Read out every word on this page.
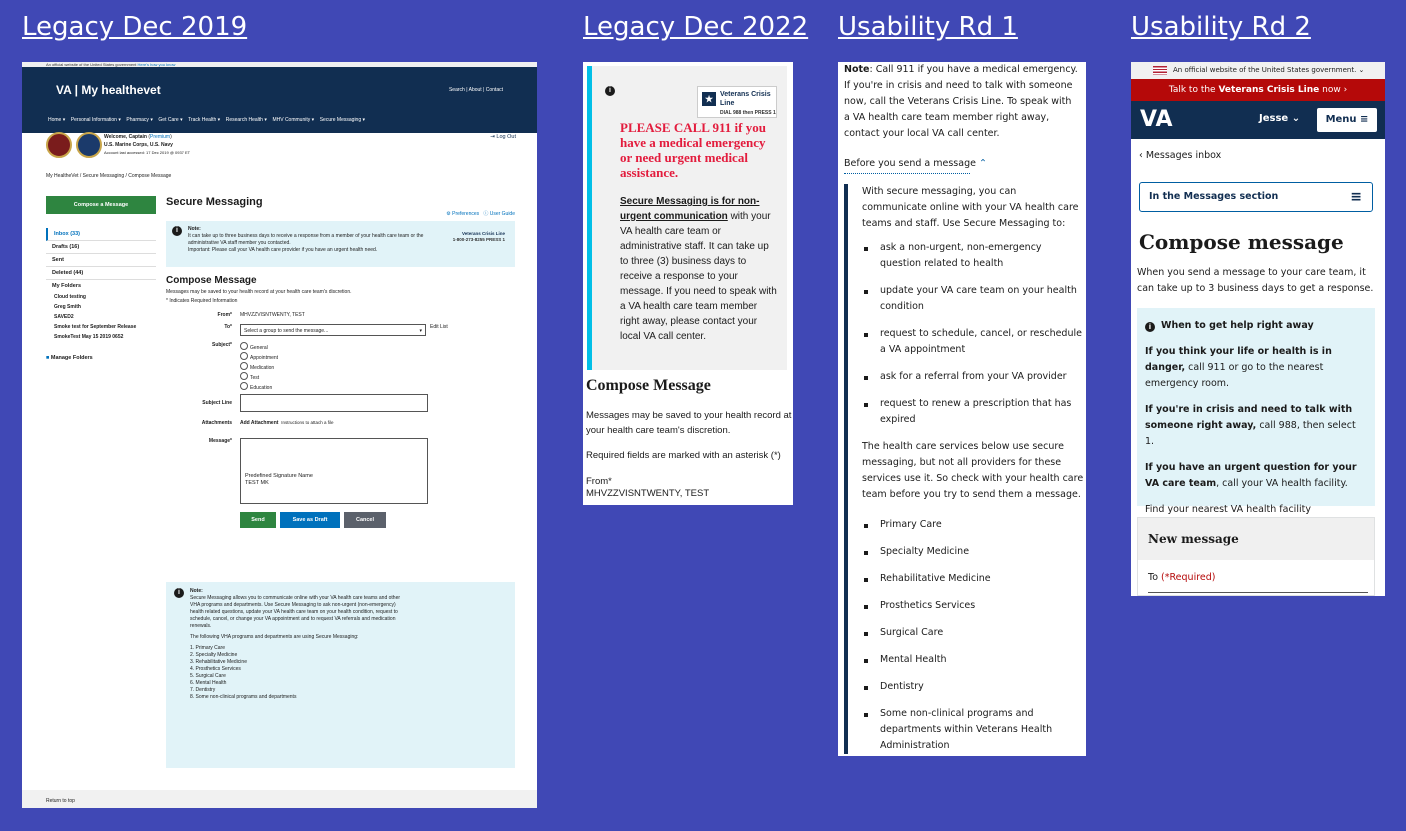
Legacy Dec 2019	Legacy Dec 2022 Usability Rd 1	Usability Rd 2
An official website of the United States government Here's how you know
VA | My healthevet	Search | About | Contact
Home ▾    Personal Information ▾    Pharmacy ▾    Get Care ▾    Track Health ▾    Research Health ▾    MHV Community ▾    Secure Messaging ▾
Welcome, Captain (Premium)
U.S. Marine Corps, U.S. Navy
Account last accessed: 17 Dec 2019 @ 0937 ET
⇥ Log Out
My HealtheVet / Secure Messaging / Compose Message
Compose a Message
Inbox (33)
Drafts (16)
Sent
Deleted (44)
My Folders
Cloud testing
Greg Smith
SAVED2
Smoke test for September Release
SmokeTest May 15 2019 0652
■ Manage Folders
Secure Messaging
⚙ Preferences ⓘ User Guide
i	Note:
It can take up to three business days to receive a response from a member of your health care team or the administrative VA staff member you contacted.
Important: Please call your VA health care provider if you have an urgent health need.
Veterans Crisis Line
1-800-273-8255 PRESS 1
Compose Message
Messages may be saved to your health record at your health care team's discretion.
* Indicates Required Information
From* MHVZZVISNTWENTY, TEST
To*
Select a group to send the message...	▾
Edit List
Subject*	General
Appointment
Medication
Test
Education
Subject Line
Attachments Add Attachment Instructions to attach a file
Message*
Predefined Signature Name
TEST MK
Send	Save as Draft	Cancel
i	Note:

Secure Messaging allows you to communicate online with your VA health care teams and other VHA programs and departments. Use Secure Messaging to ask non-urgent (non-emergency) health related questions, update your VA health care team on your health condition, request to schedule, cancel, or change your VA appointment and to request VA referrals and medication renewals.
The following VHA programs and departments are using Secure Messaging:
1. Primary Care
2. Specialty Medicine
3. Rehabilitative Medicine
4. Prosthetics Services
5. Surgical Care
6. Mental Health
7. Dentistry
8. Some non-clinical programs and departments
Return to top
i
★ Veterans Crisis Line
DIAL 988 then PRESS 1
PLEASE CALL 911 if you have a medical emergency or need urgent medical assistance.
Secure Messaging is for non-urgent communication with your VA health care team or administrative staff. It can take up to three (3) business days to receive a response to your message. If you need to speak with a VA health care team member right away, please contact your local VA call center.
Compose Message
Messages may be saved to your health record at your health care team's discretion.
Required fields are marked with an asterisk (*)
From*
MHVZZVISNTWENTY, TEST
Note: Call 911 if you have a medical emergency. If you're in crisis and need to talk with someone now, call the Veterans Crisis Line. To speak with a VA health care team member right away, contact your local VA call center.
Before you send a message ⌃
With secure messaging, you can communicate online with your VA health care teams and staff. Use Secure Messaging to:
ask a non-urgent, non-emergency question related to health
update your VA care team on your health condition
request to schedule, cancel, or reschedule a VA appointment
ask for a referral from your VA provider
request to renew a prescription that has expired
The health care services below use secure messaging, but not all providers for these services use it. So check with your health care team before you try to send them a message.
Primary Care
Specialty Medicine
Rehabilitative Medicine
Prosthetics Services
Surgical Care
Mental Health
Dentistry
Some non-clinical programs and departments within Veterans Health Administration
An official website of the United States government. ⌄
Talk to the Veterans Crisis Line now ›
VA	Jesse ⌄	Menu ≡
‹ Messages inbox
In the Messages section	≡
Compose message
When you send a message to your care team, it can take up to 3 business days to get a response.

i When to get help right away

If you think your life or health is in danger, call 911 or go to the nearest emergency room.

If you're in crisis and need to talk with someone right away, call 988, then select 1.

If you have an urgent question for your VA care team, call your VA health facility.

Find your nearest VA health facility

New message
To (*Required)
